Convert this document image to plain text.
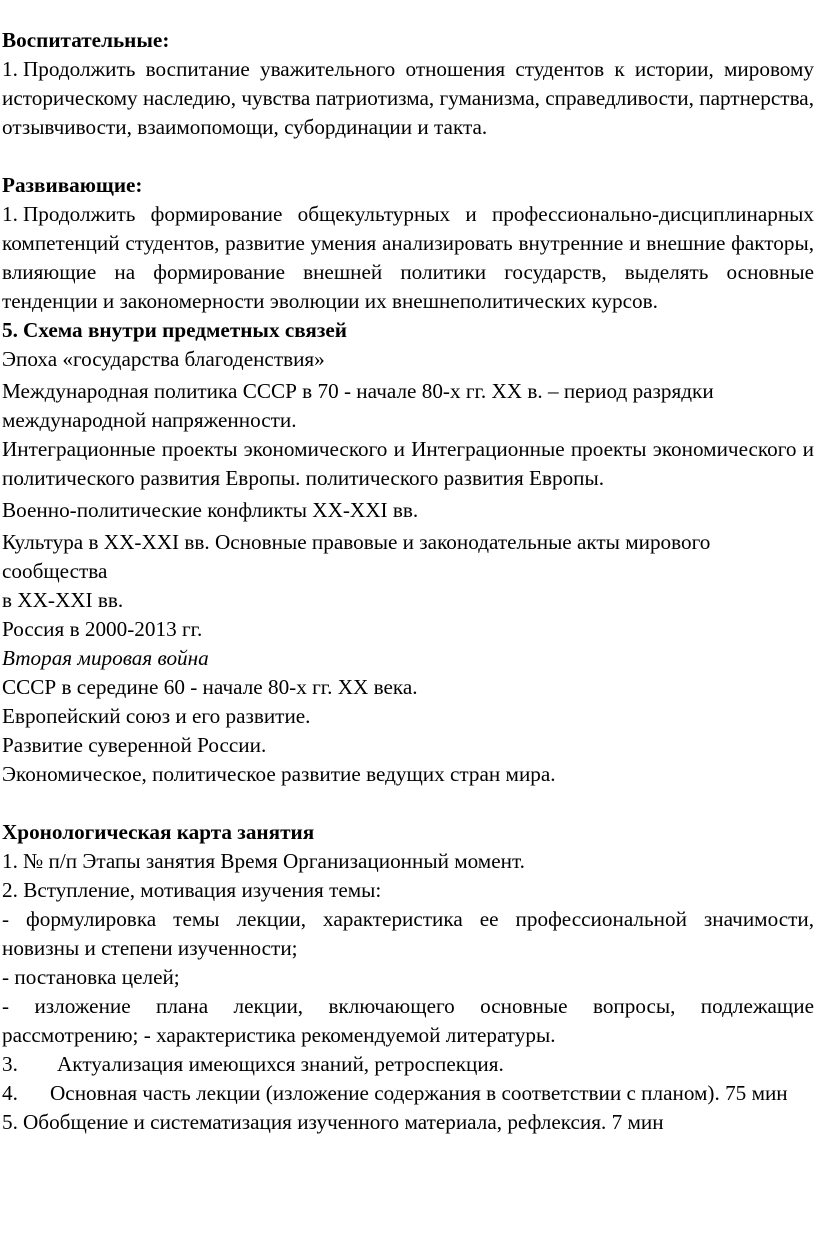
Воспитательные:

1. Продолжить воспитание уважительного отношения студентов к истории, мировому историческому наследию, чувства патриотизма, гуманизма, справедливости, партнерства, отзывчивости, взаимопомощи, субординации и такта.

Развивающие:

1. Продолжить формирование общекультурных и профессионально-дисциплинарных компетенций студентов, развитие умения анализировать внутренние и внешние факторы, влияющие на формирование внешней политики государств, выделять основные тенденции и закономерности эволюции их внешнеполитических курсов.

5. Схема внутри предметных связей

Эпоха «государства благоденствия»

Международная политика СССР в 70 - начале 80-х гг. XX в. – период разрядки международной напряженности.

Интеграционные проекты экономического и Интеграционные проекты экономического и политического развития Европы. политического развития Европы.

Военно-политические конфликты XX-XXI вв.

Культура в XX-XXI вв. Основные правовые и законодательные акты мирового сообщества

в XX-XXI вв.

Россия в 2000-2013 гг.

Вторая мировая война

СССР в середине 60 - начале 80-х гг. XX века.

Европейский союз и его развитие.

Развитие суверенной России.

Экономическое, политическое развитие ведущих стран мира.

Хронологическая карта занятия

1. № п/п Этапы занятия Время Организационный момент.

2. Вступление, мотивация изучения темы:

- формулировка темы лекции, характеристика ее профессиональной значимости, новизны и степени изученности;

- постановка целей;

- изложение плана лекции, включающего основные вопросы, подлежащие рассмотрению; - характеристика рекомендуемой литературы.

3. Актуализация имеющихся знаний, ретроспекция.

4. Основная часть лекции (изложение содержания в соответствии с планом). 75 мин

5. Обобщение и систематизация изученного материала, рефлексия. 7 мин
